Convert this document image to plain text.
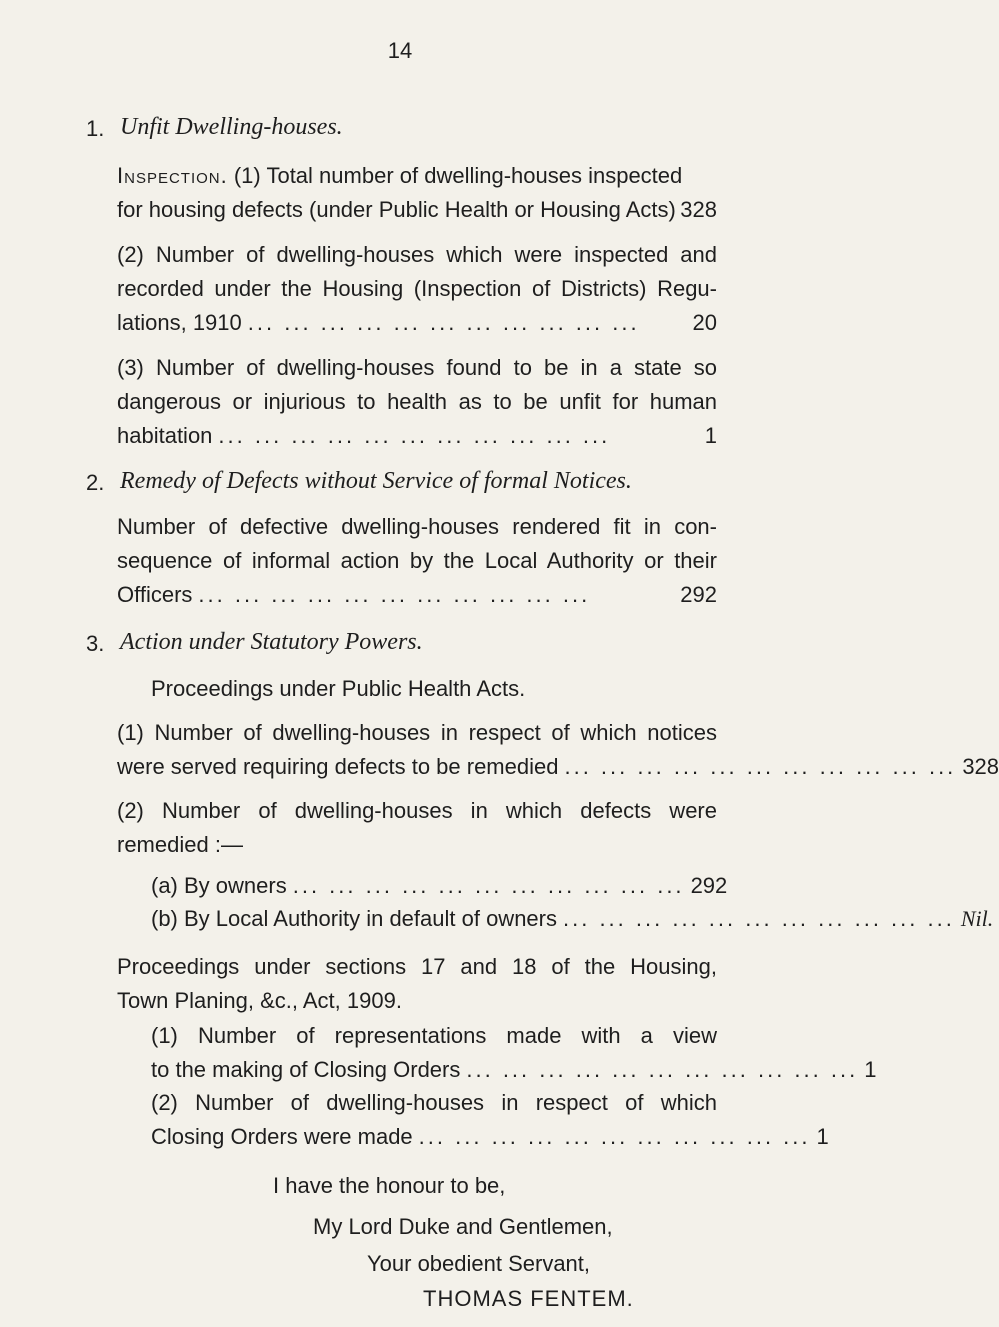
14
1. Unfit Dwelling-houses.
Inspection. (1) Total number of dwelling-houses inspected
for housing defects (under Public Health or Housing Acts) 328
(2) Number of dwelling-houses which were inspected and
recorded under the Housing (Inspection of Districts) Regu-
lations, 1910 ... ... ... ... ... ... ... ... ... ... ...	20
(3) Number of dwelling-houses found to be in a state so
dangerous or injurious to health as to be unfit for human
habitation ... ... ... ... ... ... ... ... ... ... ...	1
2. Remedy of Defects without Service of formal Notices.
Number of defective dwelling-houses rendered fit in con-
sequence of informal action by the Local Authority or their
Officers ... ... ... ... ... ... ... ... ... ... ...	292
3. Action under Statutory Powers.
Proceedings under Public Health Acts.
(1) Number of dwelling-houses in respect of which notices
were served requiring defects to be remedied ... ... ... ... ... ... ... ... ... ... ... 328
(2) Number of dwelling-houses in which defects were
remedied :—
(a) By owners ... ... ... ... ... ... ... ... ... ... ... 292
(b) By Local Authority in default of owners ... ... ... ... ... ... ... ... ... ... ... Nil.
Proceedings under sections 17 and 18 of the Housing,
Town Planing, &c., Act, 1909.
(1) Number of representations made with a view
to the making of Closing Orders ... ... ... ... ... ... ... ... ... ... ... 1
(2) Number of dwelling-houses in respect of which
Closing Orders were made ... ... ... ... ... ... ... ... ... ... ... 1
I have the honour to be,
My Lord Duke and Gentlemen,
Your obedient Servant,
THOMAS FENTEM.
